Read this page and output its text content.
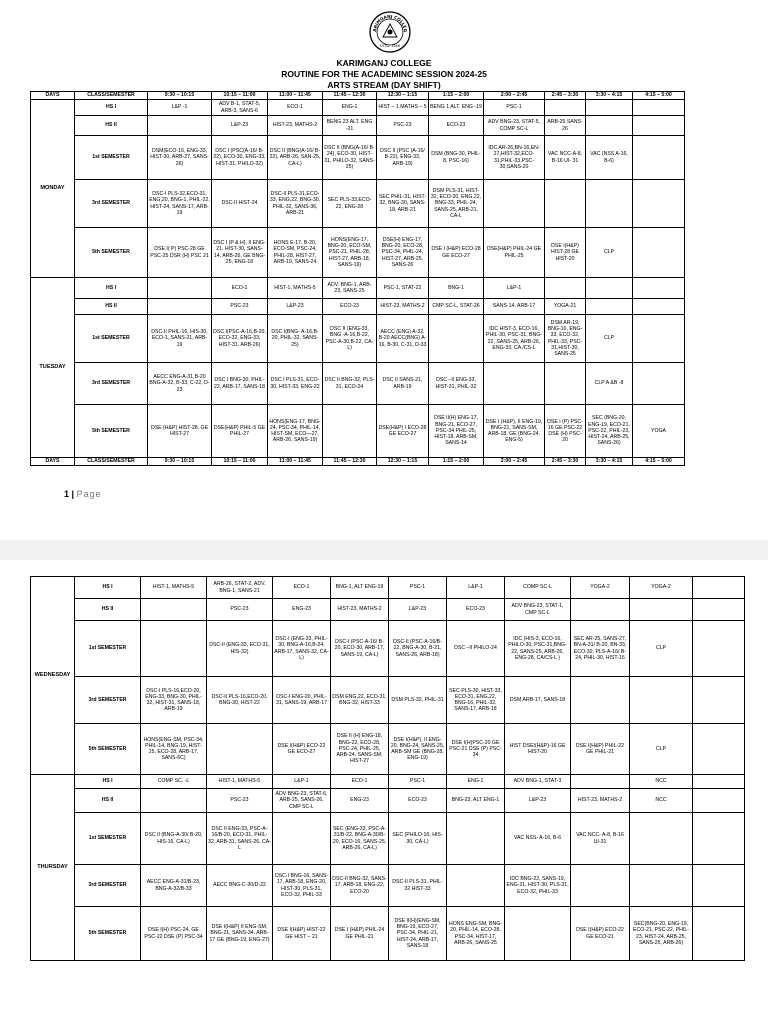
ARIMGANJ COLLEG
ESTD. 1946
KARIMGANJ COLLEGE
ROUTINE FOR THE ACADEMINC SESSION 2024-25
ARTS STREAM (DAY SHIFT)
DAYS	CLASS/SEMESTER	9:30 – 10:15	10:15 – 11:00	11:00 – 11:45	11:45 – 12:30	12:30 – 1:15	1:15 – 2:00	2:00 – 2:45	2:45 – 3:30	3:30 – 4:15	4:15 – 5:00
MONDAY	HS I	L&P -1	ADV B-1, STAT-5, ARB-3, SANS-6	ECO-1	ENG-1	HIST – 1 MATHS – 5	BENG 1 ALT. ENG -19	PSC-1			
	HS II		L&P-23	HIST-23, MATHS-2	BENG 23 ALT. ENG -21	PSC-23	ECO-23	ADV BNG-23, STAT-5, COMP SC-L	ARB-25 SANS-26		
	1st SEMESTER	DSM(ECO-16, ENG-33, HIST-30, ARB-27, SANS-26)	DSC I (PSC(A-16/ B-22), ECO-30, ENG-33, HIST-31, PHILO-32)	DSC II (BNG(A-16/ B-22), ARB-26, SAN-25, CA-L)	DSC II (BNG(A-16/ B-24), ECO-30, HIST-31, PHILO-32, SANS-25)	DSC II (PSC (A-16/ B-22), ENG-33, ARB-19)	DSM (BNG-30, PHIL-8, PSC-16)	IDC AR-26,BN-16,EN-27,HIST-32,ECO-31,PHIL-33,PSC-30,SANS-20	VAC NCC-A-8, B-16 UI- 31	VAC (NSS A-16, B-6)	
	3rd SEMESTER	DSC-I PLS-32,ECO-31, ENG,20, BNG-1, PHIL-22, HIST-24, SANS-17, ARB-19	DSC-II HIST-24	DSC-II PLS-31,ECO-33, ENG,22, BNG-30, PHIL-32, SANS-36, ARB-21	SEC PLS-33,ECO-22, ENG-28	SEC PHIL-31, HIST-32, BNG-30, SANS-18, ARB-21	DSM PLS-31, HIST-32, ECO-20, ENG,22, BNG-33, PHIL-24, SANS-25, ARB-21, CA-L				
	5th SEMESTER	DSE I( P) PSC-28 GE PSC-25 DSR (H) PSC 21	DSC I (P & H), II ENG-21, HIST-30, SANS-14, ARB-26, GE BNG-25, ENG-18	HONS E-17, B-20, ECO-SM, PSC-24, PHIL-28, HIST-27, ARB-19, SANS-24	HONS(ENG-17, BNG-20, ECO-SM, PSC-21, PHIL-28, HIST-27, ARB-18, SANS-19)	DSE(H) ENG-17, BNG-20, ECO-28, PSC-34, PHIL-24, HIST-27, ARB-25, SANS-26	DSE I (H&P) ECO-28 GE ECO-27	DSE(H&P) PHIL-24 GE PHIL-25	DSE I(H&P) HIST-28 GE HIST-20	CLP	
TUESDAY	HS I		ECO-1	HIST-1, MATHS-5	ADV. BNG-1, ARB-23, SANS-25	PSC-1, STAT-22	BNG-1	L&P-1			
	HS II		PSC-23	L&P-23	ECO-23	HIST-23, MATHS-2	CMP SC-L, STAT-26	SANS-14, ARB-17	YOGA-21		
	1st SEMESTER	DSC-II PHIL-16, HIS-30, ECO-1, SANS-21, ARB-19	DSC I(PSC-A-16,B-20, ECO-32, ENG-33, HIST-31, ARB-26)	DSC I(BNG- A-16,B-20, PHIL-32, SANS-25)	DSC II (ENG-33, BNG -A-16,B-22, PSC-A-30,B-22, CA-L)	AECC (ENG) A-32, B-20 AECC(BNG) A-16, B-30, C-31, D-33		IDC HIST-3, ECO-16, PHIL-30, PSC-31, BNG-22, SANS-25, ARB-26, ENG-33, CA /CS-L	DSM AR-19, BNG-16, ENG-33, ECO-32, PHIL-33, PSC-31,HIST-30, SANS-25	CLP	
	3rd SEMESTER	AECC ENG-A-31,B-20 BNG-A-32, B-33, C-22, D-23	DSC I BNG-30, PHIL-22, ARB-17, SANS-18	DSC I PLS-31, ECO-30, HIST-33, ENG-22	DSC II BNG-32, PLS-31, ECO-24	DSC II SANS-21, ARB-19	DSC –II ENG-33, HIST-31, PHIL-32			CLP A &B -8	
	5th SEMESTER	DSE (H&P) HIST-28, GE HIST-27	DSE(H&P) PHIL-5 GE PHIL-27	HONS(ENG-17, BNG-24, PSC-34, PHIL-14, HIST-SM, ECO—27, ARB-26, SANS-19)		DSE(H&P) I ECO-28 GE ECO-27	DSE II(H) ENG-17, BNG-21, ECO-27, PSC-34 PHIL-25, HIST-18, ARB-SM, SANS-14	DSE I (H&P), II ENG-19, BNG-21, SANS-SM, ARB-18, GE (BNG-24, ENG-5)	DSE I (P) PSC-16 GE PSC-22 DSE (H) PSC-20	SEC (BNG-20, ENG-19, ECO-21, PSC-22, PHIL-23, HIST-24, ARB-25, SANS-26)	YOGA
DAYS	CLASS/SEMESTER	9:30 – 10:15	10:15 – 11:00	11:00 – 11:45	11:45 – 12:30	12:30 – 1:15	1:15 – 2:00	2:00 – 2:45	2:45 – 3:30	3:30 – 4:15	4:15 – 5:00
1 | Page
WEDNESDAY	HS I	HIST-1, MATHS-5	ARB-26, STAT-2, ADV. BNG-1, SANS-21	ECO-1	BNG-1, ALT ENG-19	PSC-1	L&P-1	COMP SC-L	YOGA-2	YOGA-2	
	HS II		PSC-23	ENG-23	HIST-23, MATHS-2	L&P-23	ECO-23	ADV BNG-23, STAT-1, CMP SC-L			
	1st SEMESTER		DSC-II (ENG-33, ECO-31, HIS-32)	DSC-I (ENG-33, PHIL-30, BNG-A-16,B-24, ARB-17, SANS-32, CA-L)	DSC-I (PSC-A-16/ B-20, ECO-30, ARB-17, SANS-19, CA-L)	DSC-II (PSC-A-16/B-22, BNG-A-30, B-21, SANS-26, ARB-18)	DSC –II PHILO-24	IDC (HIS-3, ECO-16, PHILO-30, PSC-31,BNG-22, SANS-25, ARB-26, ENG-28, CA/CS-L )	SEC AR-25, SANS-27, BN-A-31/ B-20, BN-33, ECO-32, PLS-A-16/ B-24, PHIL-30, HIST-16	CLP	
	3rd SEMESTER	DSC-I PLS-16,ECO-20, ENG-33, BNG-30, PHIL-32, HIST-31, SANS-18, ARB-19	DSC-II PLS-16,ECO-20, BNG-30, HIST-22	DSC-I ENG-20, PHIL-31, SANS-19, ARB-17	DSM ENG,22, ECO-31, BNG-32, HIST-33	DSM PLS-32, PHIL-31	SEC PLS-30, HIST-33, ECO-31, ENG,22, BNG-16, PHIL-32, SANS-17, ARB-18	DSM ARB-17, SANS-18			
	5th SEMESTER	HONS(ENG-SM, PSC-34, PHIL-14, BNG-19, HIST-25, ECO-28, ARB-17, SANS-6C)		DSE I(H&P) ECO-22 GE ECO-27	DSE II (H) ENG-18, BNG-22, ECO-28, PSC-24, PHIL-25, ARB-24, SANS-SM, HIST-27	DSE I(H&P), II ENG-20, BNG-24, SANS-25, ARB-SM GE (BNG-28, ENG-19)	DSE I(H)PSC-20 GE PSC-21 DSE (P) PSC-34	HIST DSEI(H&P)-16 GE HIST-20	DSE I(H&P) PHIL-22 GE PHIL-21	CLP	
THURSDAY	HS I	COMP SC. -L	HIST-1, MATHS-5	L&P-1	ECO-1	PSC-1	ENG-1	ADV BNG-1, STAT-3		NCC	
	HS II		PSC-23	ADV BNG-23, STAT-6, ARB-25, SANS-26, CMP SC-L	ENG-23	ECO-23	BNG-23, ALT ENG-1	L&P-23	HIST-23, MATHS-2	NCC	
	1st SEMESTER	DSC II (BNG-A-30/ B-20, HIS-16, CA-L)	DSC II ENG-33, PSC-A-16/B-20, ECO-31, PHIL-32, ARB-31, SANS-26, CA-L		SEC (ENG-33, PSC-A-31/B-22, BNG-A-30/B-20, ECO-16, SANS-25, ARB-26, CA-L)	SEC (PHILO-16, HIS-30, CA-L)		VAC NSS- A-16, B-6	VAC NCC- A-8, B-16 UI-31		
	3rd SEMESTER	AECC ENG-A-31/B-23, BNG-A-32/B-33	AECC BNG-C-30/D-22	DSC-I BNG-16, SANS-17, ARB-18, ENG-20, HIST-30, PLS-31, ECO-32, PHIL-33	DSC-II BNG-32, SANS-17, ARB-18, ENG-22, ECO-20	DSC-II PLS-31, PHIL-32 HIST-33		IDC BNG-22, SANS-19, ENG-21, HIST-30, PLS-31, ECO-32, PHIL-33			
	5th SEMESTER	DSE I(H) PSC-24, GE PSC-22 DSE (P) PSC-34	DSE I(H&P) II ENG-SM, BNG-21, SANS-34, ARB-17 GE (BNG-19, ENG-27)	DSE I(H&P) HIST-22 GE HIST – 21	DSE I (H&P) PHIL-24 GE PHIL-21	DSE II(H)(ENG-SM, BNG-19, ECO-27, PSC-34, PHIL-21, HIST-24, ARB-17, SANS-18	HONS ENG-SM, BNG-20, PHIL-14, ECO-28, PSC-34, HIST-17, ARB-26, SANS-25		DSE I(H&P) ECO-22 GE ECO-21	SEC(BNG-20, ENG-19, ECO-21, PSC-22, PHIL-23, HIST-24, ARB-25, SANS-25, ARB-26)	
